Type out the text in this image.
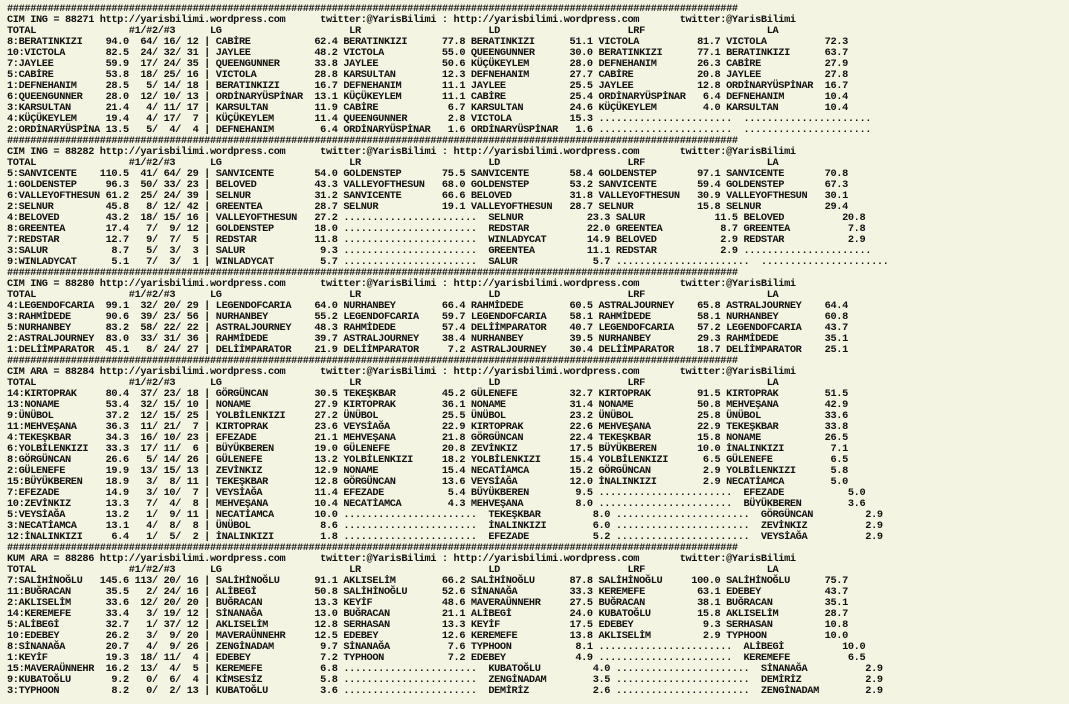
##############################################################################################################################
CIM ING = 88271 http://yarisbilimi.wordpress.com      twitter:@YarisBilimi : http://yarisbilimi.wordpress.com       twitter:@YarisBilimi
TOTAL                #1/#2/#3      LG                      LR                      LD                      LRF                     LA
8:BERATINKIZI    94.0  64/ 16/ 12 | CABİRE           62.4 BERATINKIZI      77.8 BERATINKIZI      51.1 VICTOLA          81.7 VICTOLA          72.3
10:VICTOLA       82.5  24/ 32/ 31 | JAYLEE           48.2 VICTOLA          55.0 QUEENGUNNER      30.0 BERATINKIZI      77.1 BERATINKIZI      63.7
7:JAYLEE         59.9  17/ 24/ 35 | QUEENGUNNER      33.8 JAYLEE           50.6 KÜÇÜKEYLEM       28.0 DEFNEHANIM       26.3 CABİRE           27.9
5:CABİRE         53.8  18/ 25/ 16 | VICTOLA          28.8 KARSULTAN        12.3 DEFNEHANIM       27.7 CABİRE           20.8 JAYLEE           27.8
1:DEFNEHANIM     28.5   5/ 14/ 18 | BERATINKIZI      16.7 DEFNEHANIM       11.1 JAYLEE           25.5 JAYLEE           12.8 ORDİNARYÜSPİNAR  16.7
6:QUEENGUNNER    28.0  12/ 10/ 13 | ORDİNARYÜSPİNAR  13.1 KÜÇÜKEYLEM       11.1 CABİRE           25.4 ORDİNARYÜSPİNAR   6.4 DEFNEHANIM       10.4
3:KARSULTAN      21.4   4/ 11/ 17 | KARSULTAN        11.9 CABİRE            6.7 KARSULTAN        24.6 KÜÇÜKEYLEM        4.0 KARSULTAN        10.4
4:KÜÇÜKEYLEM     19.4   4/ 17/  7 | KÜÇÜKEYLEM       11.4 QUEENGUNNER       2.8 VICTOLA          15.3 .......................  ......................
2:ORDİNARYÜSPİNA 13.5   5/  4/  4 | DEFNEHANIM        6.4 ORDİNARYÜSPİNAR   1.6 ORDİNARYÜSPİNAR   1.6 .......................  ......................
##############################################################################################################################
CIM ING = 88282 http://yarisbilimi.wordpress.com      twitter:@YarisBilimi : http://yarisbilimi.wordpress.com       twitter:@YarisBilimi
TOTAL                #1/#2/#3      LG                      LR                      LD                      LRF                     LA
5:SANVICENTE    110.5  41/ 64/ 29 | SANVICENTE       54.0 GOLDENSTEP       75.5 SANVICENTE       58.4 GOLDENSTEP       97.1 SANVICENTE       70.8
1:GOLDENSTEP     96.3  50/ 33/ 23 | BELOVED          43.3 VALLEYOFTHESUN   68.0 GOLDENSTEP       53.2 SANVICENTE       59.4 GOLDENSTEP       67.3
6:VALLEYOFTHESUN 61.2  25/ 24/ 39 | SELNUR           31.2 SANVICENTE       66.6 BELOVED          31.8 VALLEYOFTHESUN   30.9 VALLEYOFTHESUN   30.1
2:SELNUR         45.8   8/ 12/ 42 | GREENTEA         28.7 SELNUR           19.1 VALLEYOFTHESUN   28.7 SELNUR           15.8 SELNUR           29.4
4:BELOVED        43.2  18/ 15/ 16 | VALLEYOFTHESUN   27.2 .......................  SELNUR           23.3 SALUR            11.5 BELOVED          20.8
8:GREENTEA       17.4   7/  9/ 12 | GOLDENSTEP       18.0 .......................  REDSTAR          22.0 GREENTEA          8.7 GREENTEA          7.8
7:REDSTAR        12.7   9/  7/  5 | REDSTAR          11.8 .......................  WINLADYCAT       14.9 BELOVED           2.9 REDSTAR           2.9
3:SALUR           8.7   5/  3/  3 | SALUR             9.3 .......................  GREENTEA         11.1 REDSTAR           2.9 ......................
9:WINLADYCAT      5.1   7/  3/  1 | WINLADYCAT        5.7 .......................  SALUR             5.7 .......................  ......................
##############################################################################################################################
CIM ING = 88280 http://yarisbilimi.wordpress.com      twitter:@YarisBilimi : http://yarisbilimi.wordpress.com       twitter:@YarisBilimi
TOTAL                #1/#2/#3      LG                      LR                      LD                      LRF                     LA
4:LEGENDOFCARIA  99.1  32/ 20/ 29 | LEGENDOFCARIA    64.0 NURHANBEY        66.4 RAHMİDEDE        60.5 ASTRALJOURNEY    65.8 ASTRALJOURNEY    64.4
3:RAHMİDEDE      90.6  39/ 23/ 56 | NURHANBEY        55.2 LEGENDOFCARIA    59.7 LEGENDOFCARIA    58.1 RAHMİDEDE        58.1 NURHANBEY        60.8
5:NURHANBEY      83.2  58/ 22/ 22 | ASTRALJOURNEY    48.3 RAHMİDEDE        57.4 DELİİMPARATOR    40.7 LEGENDOFCARIA    57.2 LEGENDOFCARIA    43.7
2:ASTRALJOURNEY  83.0  33/ 31/ 36 | RAHMİDEDE        39.7 ASTRALJOURNEY    38.4 NURHANBEY        39.5 NURHANBEY        29.3 RAHMİDEDE        35.1
1:DELİİMPARATOR  45.1   8/ 24/ 27 | DELİİMPARATOR    21.9 DELİİMPARATOR     7.2 ASTRALJOURNEY    30.4 DELİİMPARATOR    18.7 DELİİMPARATOR    25.1
##############################################################################################################################
CIM ARA = 88284 http://yarisbilimi.wordpress.com      twitter:@YarisBilimi : http://yarisbilimi.wordpress.com       twitter:@YarisBilimi
TOTAL                #1/#2/#3      LG                      LR                      LD                      LRF                     LA
14:KIRTOPRAK     80.4  37/ 23/ 18 | GÖRGÜNCAN        30.5 TEKEŞKBAR        45.2 GÜLENEFE         32.7 KIRTOPRAK        91.5 KIRTOPRAK        51.5
13:NONAME        53.4  32/ 15/ 10 | NONAME           27.9 KIRTOPRAK        36.1 NONAME           31.4 NONAME           50.8 MEHVEŞANA        42.9
9:ÜNÜBOL         37.2  12/ 15/ 25 | YOLBİLENKIZI     27.2 ÜNÜBOL           25.5 ÜNÜBOL           23.2 ÜNÜBOL           25.8 ÜNÜBOL           33.6
11:MEHVEŞANA     36.3  11/ 21/  7 | KIRTOPRAK        23.6 VEYSİAĞA         22.9 KIRTOPRAK        22.6 MEHVEŞANA        22.9 TEKEŞKBAR        33.8
4:TEKEŞKBAR      34.3  16/ 10/ 23 | EFEZADE          21.1 MEHVEŞANA        21.8 GÖRGÜNCAN        22.4 TEKEŞKBAR        15.8 NONAME           26.5
6:YOLBİLENKIZI   33.3  17/ 11/  6 | BÜYÜKBEREN       19.0 GÜLENEFE         20.8 ZEVİNKIZ         17.5 BÜYÜKBEREN       10.0 İNALINKIZI        7.1
8:GÖRGÜNCAN      26.6   5/ 14/ 26 | GÜLENEFE         13.2 YOLBİLENKIZI     18.2 YOLBİLENKIZI     15.4 YOLBİLENKIZI      6.5 GÜLENEFE          6.5
2:GÜLENEFE       19.9  13/ 15/ 13 | ZEVİNKIZ         12.9 NONAME           15.4 NECATİAMCA       15.2 GÖRGÜNCAN         2.9 YOLBİLENKIZI      5.8
15:BÜYÜKBEREN    18.9   3/  8/ 11 | TEKEŞKBAR        12.8 GÖRGÜNCAN        13.6 VEYSİAĞA         12.0 İNALINKIZI        2.9 NECATİAMCA        5.0
7:EFEZADE        14.9   3/ 10/  7 | VEYSİAĞA         11.4 EFEZADE           5.4 BÜYÜKBEREN        9.5 .......................  EFEZADE           5.0
10:ZEVİNKIZ      13.3   7/  4/  8 | MEHVEŞANA        10.4 NECATİAMCA        4.3 MEHVEŞANA         8.0 .......................  BÜYÜKBEREN        3.6
5:VEYSİAĞA       13.2   1/  9/ 11 | NECATİAMCA       10.0 .......................  TEKEŞKBAR         8.0 .......................  GÖRGÜNCAN         2.9
3:NECATİAMCA     13.1   4/  8/  8 | ÜNÜBOL            8.6 .......................  İNALINKIZI        6.0 .......................  ZEVİNKIZ          2.9
12:İNALINKIZI     6.4   1/  5/  2 | İNALINKIZI        1.8 .......................  EFEZADE           5.2 .......................  VEYSİAĞA          2.9
##############################################################################################################################
KUM ARA = 88286 http://yarisbilimi.wordpress.com      twitter:@YarisBilimi : http://yarisbilimi.wordpress.com       twitter:@YarisBilimi
TOTAL                #1/#2/#3      LG                      LR                      LD                      LRF                     LA
7:SALİHİNOĞLU   145.6 113/ 20/ 16 | SALİHİNOĞLU      91.1 AKLISELİM        66.2 SALİHİNOĞLU      87.8 SALİHİNOĞLU     100.0 SALİHİNOĞLU      75.7
11:BUĞRACAN      35.5   2/ 24/ 16 | ALİBEGİ          50.8 SALİHİNOĞLU      52.6 SİNANAĞA         33.3 KEREMEFE         63.1 EDEBEY           43.7
2:AKLISELİM      33.6  12/ 20/ 20 | BUĞRACAN         13.3 KEYİF            48.6 MAVERAÜNNEHR     27.5 BUĞRACAN         38.1 BUĞRACAN         35.1
14:KEREMEFE      33.4   3/ 19/ 12 | SİNANAĞA         13.0 BUĞRACAN         21.1 ALİBEGİ          24.0 KUBATOĞLU        15.8 AKLISELİM        28.7
5:ALİBEGİ        32.7   1/ 37/ 12 | AKLISELİM        12.8 SERHASAN         13.3 KEYİF            17.5 EDEBEY            9.3 SERHASAN         10.8
10:EDEBEY        26.2   3/  9/ 20 | MAVERAÜNNEHR     12.5 EDEBEY           12.6 KEREMEFE         13.8 AKLISELİM         2.9 TYPHOON          10.0
8:SİNANAĞA       20.7   4/  9/ 26 | ZENGİNADAM        9.7 SİNANAĞA          7.6 TYPHOON           8.1 .......................  ALİBEGİ          10.0
1:KEYİF          19.3  18/ 11/  4 | EDEBEY            7.2 TYPHOON           7.2 EDEBEY            4.9 .......................  KEREMEFE          6.5
15:MAVERAÜNNEHR  16.2  13/  4/  5 | KEREMEFE          6.8 .......................  KUBATOĞLU         4.0 .......................  SİNANAĞA          2.9
9:KUBATOĞLU       9.2   0/  6/  4 | KİMSESİZ          5.8 .......................  ZENGİNADAM        3.5 .......................  DEMİRİZ           2.9
3:TYPHOON         8.2   0/  2/ 13 | KUBATOĞLU         3.6 .......................  DEMİRİZ           2.6 .......................  ZENGİNADAM        2.9
